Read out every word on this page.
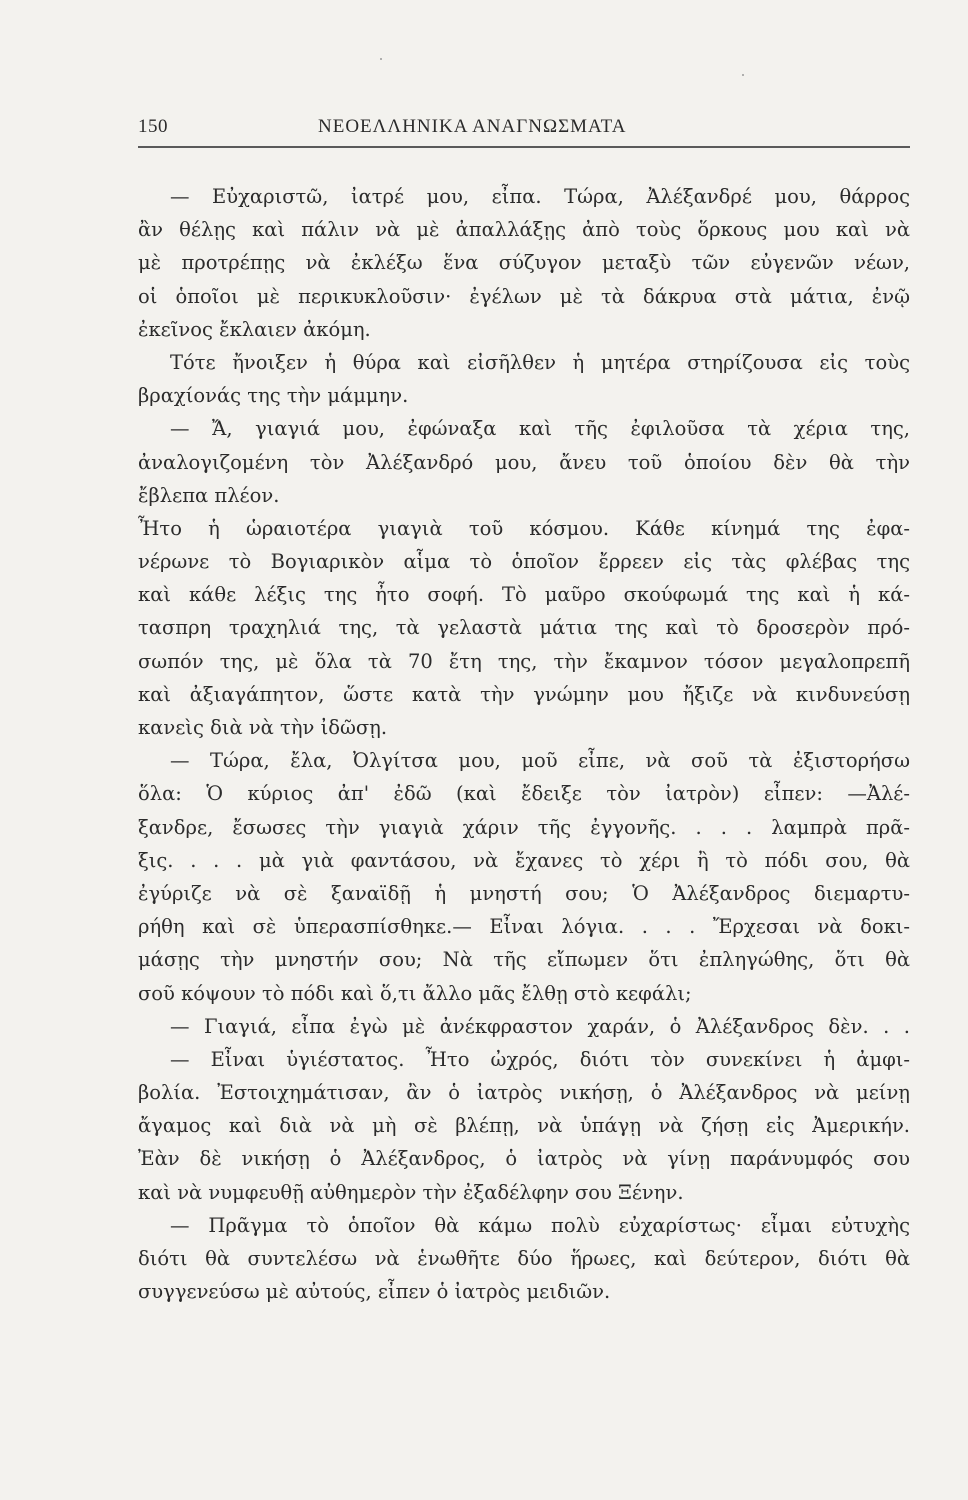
150	ΝΕΟΕΛΛΗΝΙΚΑ ΑΝΑΓΝΩΣΜΑΤΑ
— Εὐχαριστῶ, ἰατρέ μου, εἶπα. Τώρα, Ἀλέξανδρέ μου, θάρρος
ἂν θέλῃς καὶ πάλιν νὰ μὲ ἀπαλλάξῃς ἀπὸ τοὺς ὅρκους μου καὶ νὰ
μὲ προτρέπῃς νὰ ἐκλέξω ἕνα σύζυγον μεταξὺ τῶν εὐγενῶν νέων,
οἱ ὁποῖοι μὲ περικυκλοῦσιν· ἐγέλων μὲ τὰ δάκρυα στὰ μάτια, ἐνῷ
ἐκεῖνος ἔκλαιεν ἀκόμη.
Τότε ἤνοιξεν ἡ θύρα καὶ εἰσῆλθεν ἡ μητέρα στηρίζουσα εἰς τοὺς
βραχίονάς της τὴν μάμμην.
— Ἄ, γιαγιά μου, ἐφώναξα καὶ τῆς ἐφιλοῦσα τὰ χέρια της,
ἀναλογιζομένη τὸν Ἀλέξανδρό μου, ἄνευ τοῦ ὁποίου δὲν θὰ τὴν
ἔβλεπα πλέον.
Ἦτο ἡ ὡραιοτέρα γιαγιὰ τοῦ κόσμου. Κάθε κίνημά της ἐφα-
νέρωνε τὸ Βογιαρικὸν αἷμα τὸ ὁποῖον ἔρρεεν εἰς τὰς φλέβας της
καὶ κάθε λέξις της ἦτο σοφή. Τὸ μαῦρο σκούφωμά της καὶ ἡ κά-
τασπρη τραχηλιά της, τὰ γελαστὰ μάτια της καὶ τὸ δροσερὸν πρό-
σωπόν της, μὲ ὅλα τὰ 70 ἔτη της, τὴν ἔκαμνον τόσον μεγαλοπρεπῆ
καὶ ἀξιαγάπητον, ὥστε κατὰ τὴν γνώμην μου ἤξιζε νὰ κινδυνεύσῃ
κανεὶς διὰ νὰ τὴν ἰδῶσῃ.
— Τώρα, ἔλα, Ὀλγίτσα μου, μοῦ εἶπε, νὰ σοῦ τὰ ἐξιστορήσω
ὅλα: Ὁ κύριος ἀπ' ἐδῶ (καὶ ἔδειξε τὸν ἰατρὸν) εἶπεν: —Ἀλέ-
ξανδρε, ἔσωσες τὴν γιαγιὰ χάριν τῆς ἐγγονῆς. . . . λαμπρὰ πρᾶ-
ξις. . . . μὰ γιὰ φαντάσου, νὰ ἔχανες τὸ χέρι ἢ τὸ πόδι σου, θὰ
ἐγύριζε νὰ σὲ ξαναϊδῇ ἡ μνηστή σου; Ὁ Ἀλέξανδρος διεμαρτυ-
ρήθη καὶ σὲ ὑπερασπίσθηκε.— Εἶναι λόγια. . . . Ἔρχεσαι νὰ δοκι-
μάσῃς τὴν μνηστήν σου; Νὰ τῆς εἴπωμεν ὅτι ἐπληγώθης, ὅτι θὰ
σοῦ κόψουν τὸ πόδι καὶ ὅ,τι ἄλλο μᾶς ἔλθῃ στὸ κεφάλι;
— Γιαγιά, εἶπα ἐγὼ μὲ ἀνέκφραστον χαράν, ὁ Ἀλέξανδρος δὲν. . .
— Εἶναι ὑγιέστατος. Ἦτο ὠχρός, διότι τὸν συνεκίνει ἡ ἀμφι-
βολία. Ἐστοιχημάτισαν, ἂν ὁ ἰατρὸς νικήσῃ, ὁ Ἀλέξανδρος νὰ μείνῃ
ἄγαμος καὶ διὰ νὰ μὴ σὲ βλέπῃ, νὰ ὑπάγῃ νὰ ζήσῃ εἰς Ἀμερικήν.
Ἐὰν δὲ νικήσῃ ὁ Ἀλέξανδρος, ὁ ἰατρὸς νὰ γίνῃ παράνυμφός σου
καὶ νὰ νυμφευθῇ αὐθημερὸν τὴν ἐξαδέλφην σου Ξένην.
— Πρᾶγμα τὸ ὁποῖον θὰ κάμω πολὺ εὐχαρίστως· εἶμαι εὐτυχὴς
διότι θὰ συντελέσω νὰ ἑνωθῆτε δύο ἥρωες, καὶ δεύτερον, διότι θὰ
συγγενεύσω μὲ αὐτούς, εἶπεν ὁ ἰατρὸς μειδιῶν.
